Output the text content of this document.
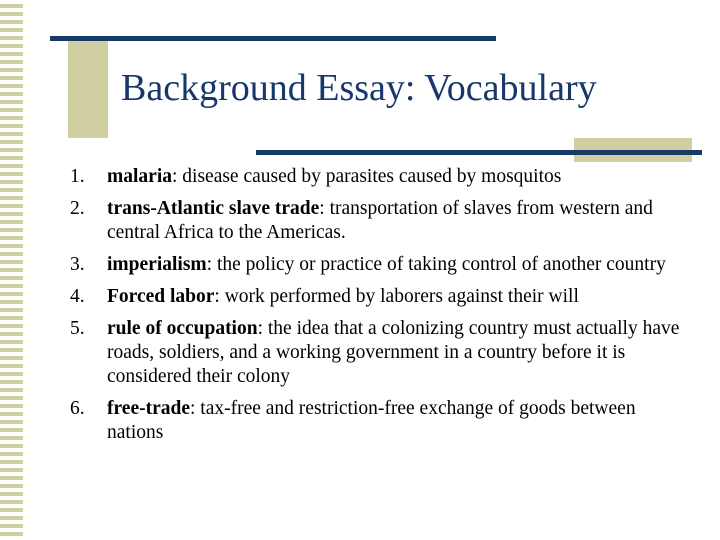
Background Essay: Vocabulary
1. malaria: disease caused by parasites caused by mosquitos
2. trans-Atlantic slave trade: transportation of slaves from western and central Africa to the Americas.
3. imperialism: the policy or practice of taking control of another country
4. Forced labor: work performed by laborers against their will
5. rule of occupation: the idea that a colonizing country must actually have roads, soldiers, and a working government in a country before it is considered their colony
6. free-trade: tax-free and restriction-free exchange of goods between nations
